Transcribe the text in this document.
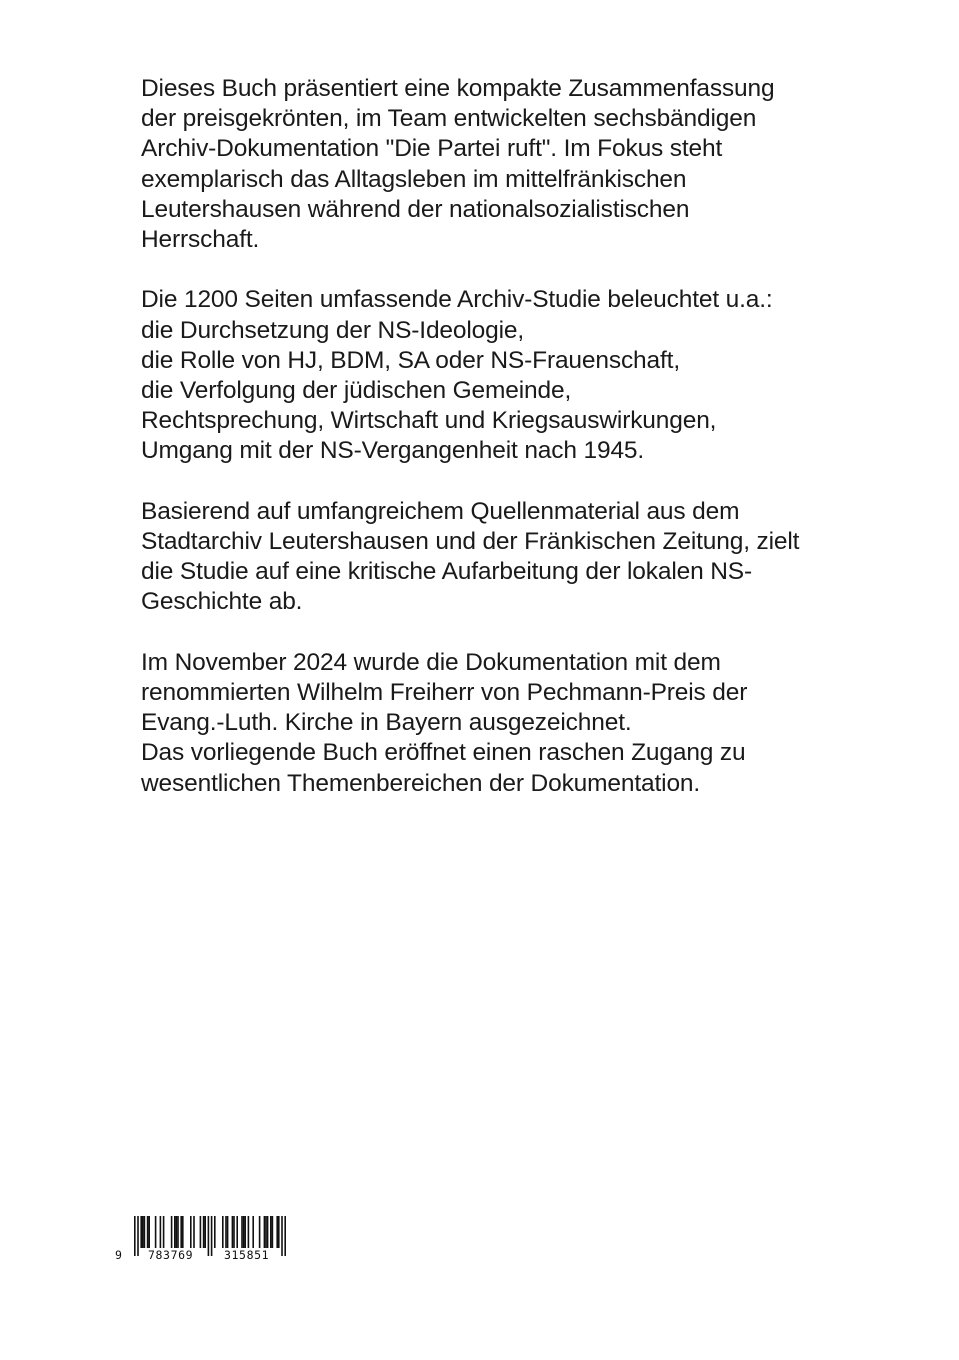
Dieses Buch präsentiert eine kompakte Zusammenfassung
der preisgekrönten, im Team entwickelten sechsbändigen
Archiv-Dokumentation "Die Partei ruft". Im Fokus steht
exemplarisch das Alltagsleben im mittelfränkischen
Leutershausen während der nationalsozialistischen
Herrschaft.

Die 1200 Seiten umfassende Archiv-Studie beleuchtet u.a.:
die Durchsetzung der NS-Ideologie,
die Rolle von HJ, BDM, SA oder NS-Frauenschaft,
die Verfolgung der jüdischen Gemeinde,
Rechtsprechung, Wirtschaft und Kriegsauswirkungen,
Umgang mit der NS-Vergangenheit nach 1945.

Basierend auf umfangreichem Quellenmaterial aus dem
Stadtarchiv Leutershausen und der Fränkischen Zeitung, zielt
die Studie auf eine kritische Aufarbeitung der lokalen NS-
Geschichte ab.

Im November 2024 wurde die Dokumentation mit dem
renommierten Wilhelm Freiherr von Pechmann-Preis der
Evang.-Luth. Kirche in Bayern ausgezeichnet.
Das vorliegende Buch eröffnet einen raschen Zugang zu
wesentlichen Themenbereichen der Dokumentation.

9 783769	315851
